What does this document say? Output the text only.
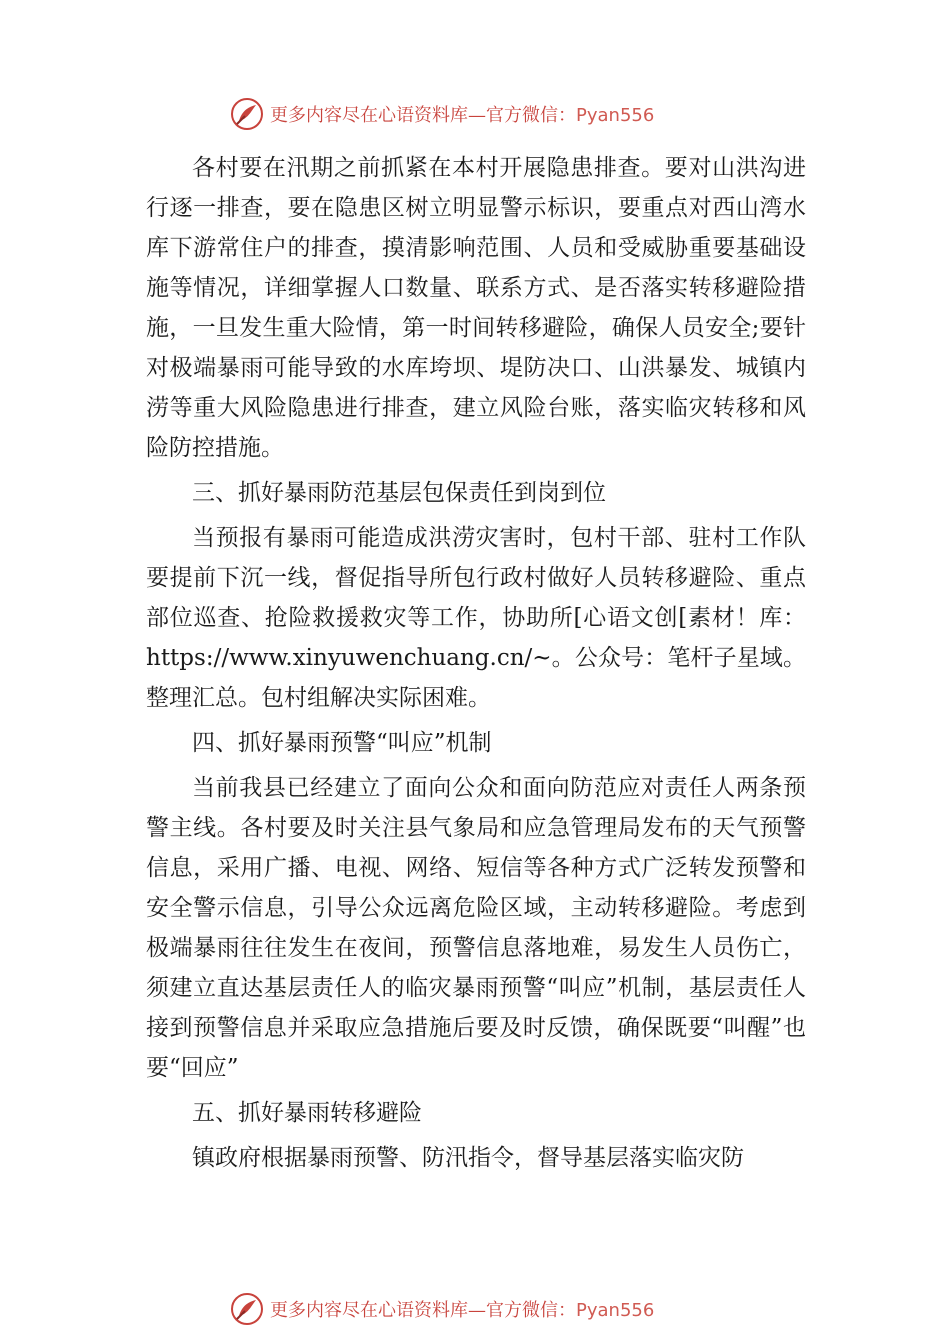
更多内容尽在心语资料库—官方微信：Pyan556

各村要在汛期之前抓紧在本村开展隐患排查。要对山洪沟进行逐一排查，要在隐患区树立明显警示标识，要重点对西山湾水库下游常住户的排查，摸清影响范围、人员和受威胁重要基础设施等情况，详细掌握人口数量、联系方式、是否落实转移避险措施，一旦发生重大险情，第一时间转移避险，确保人员安全;要针对极端暴雨可能导致的水库垮坝、堤防决口、山洪暴发、城镇内涝等重大风险隐患进行排查，建立风险台账，落实临灾转移和风险防控措施。

三、抓好暴雨防范基层包保责任到岗到位

当预报有暴雨可能造成洪涝灾害时，包村干部、驻村工作队要提前下沉一线，督促指导所包行政村做好人员转移避险、重点部位巡查、抢险救援救灾等工作，协助所[心语文创[素材！库：https://www.xinyuwenchuang.cn/~。公众号：笔杆子星域。整理汇总。包村组解决实际困难。

四、抓好暴雨预警“叫应”机制

当前我县已经建立了面向公众和面向防范应对责任人两条预警主线。各村要及时关注县气象局和应急管理局发布的天气预警信息，采用广播、电视、网络、短信等各种方式广泛转发预警和安全警示信息，引导公众远离危险区域，主动转移避险。考虑到极端暴雨往往发生在夜间，预警信息落地难，易发生人员伤亡，须建立直达基层责任人的临灾暴雨预警“叫应”机制，基层责任人接到预警信息并采取应急措施后要及时反馈，确保既要“叫醒”也要“回应”

五、抓好暴雨转移避险

镇政府根据暴雨预警、防汛指令，督导基层落实临灾防

更多内容尽在心语资料库—官方微信：Pyan556
